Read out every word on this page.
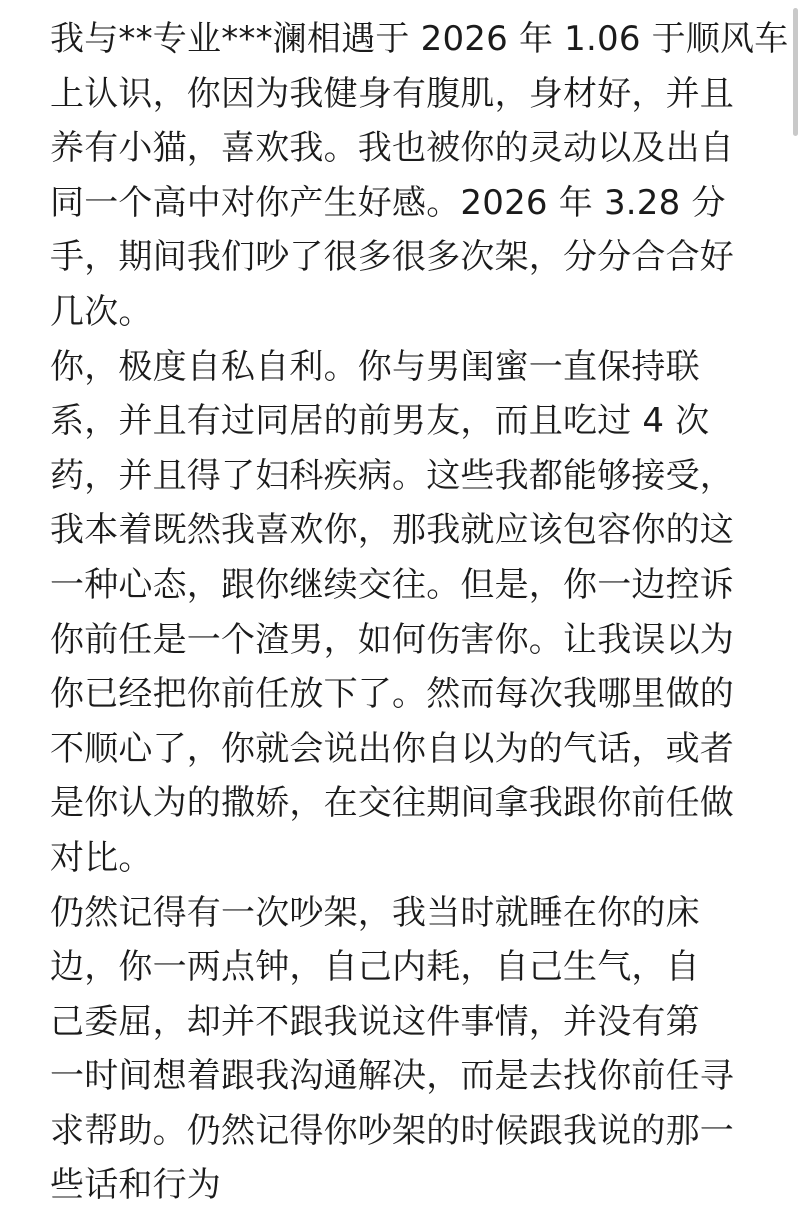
我与**专业***澜相遇于 2026 年 1.06 于顺风车
上认识，你因为我健身有腹肌，身材好，并且
养有小猫，喜欢我。我也被你的灵动以及出自
同一个高中对你产生好感。2026 年 3.28 分
手，期间我们吵了很多很多次架，分分合合好
几次。
你，极度自私自利。你与男闺蜜一直保持联
系，并且有过同居的前男友，而且吃过 4 次
药，并且得了妇科疾病。这些我都能够接受，
我本着既然我喜欢你，那我就应该包容你的这
一种心态，跟你继续交往。但是，你一边控诉
你前任是一个渣男，如何伤害你。让我误以为
你已经把你前任放下了。然而每次我哪里做的
不顺心了，你就会说出你自以为的气话，或者
是你认为的撒娇，在交往期间拿我跟你前任做
对比。
仍然记得有一次吵架，我当时就睡在你的床
边，你一两点钟，自己内耗，自己生气，自
己委屈，却并不跟我说这件事情，并没有第
一时间想着跟我沟通解决，而是去找你前任寻
求帮助。仍然记得你吵架的时候跟我说的那一
些话和行为
